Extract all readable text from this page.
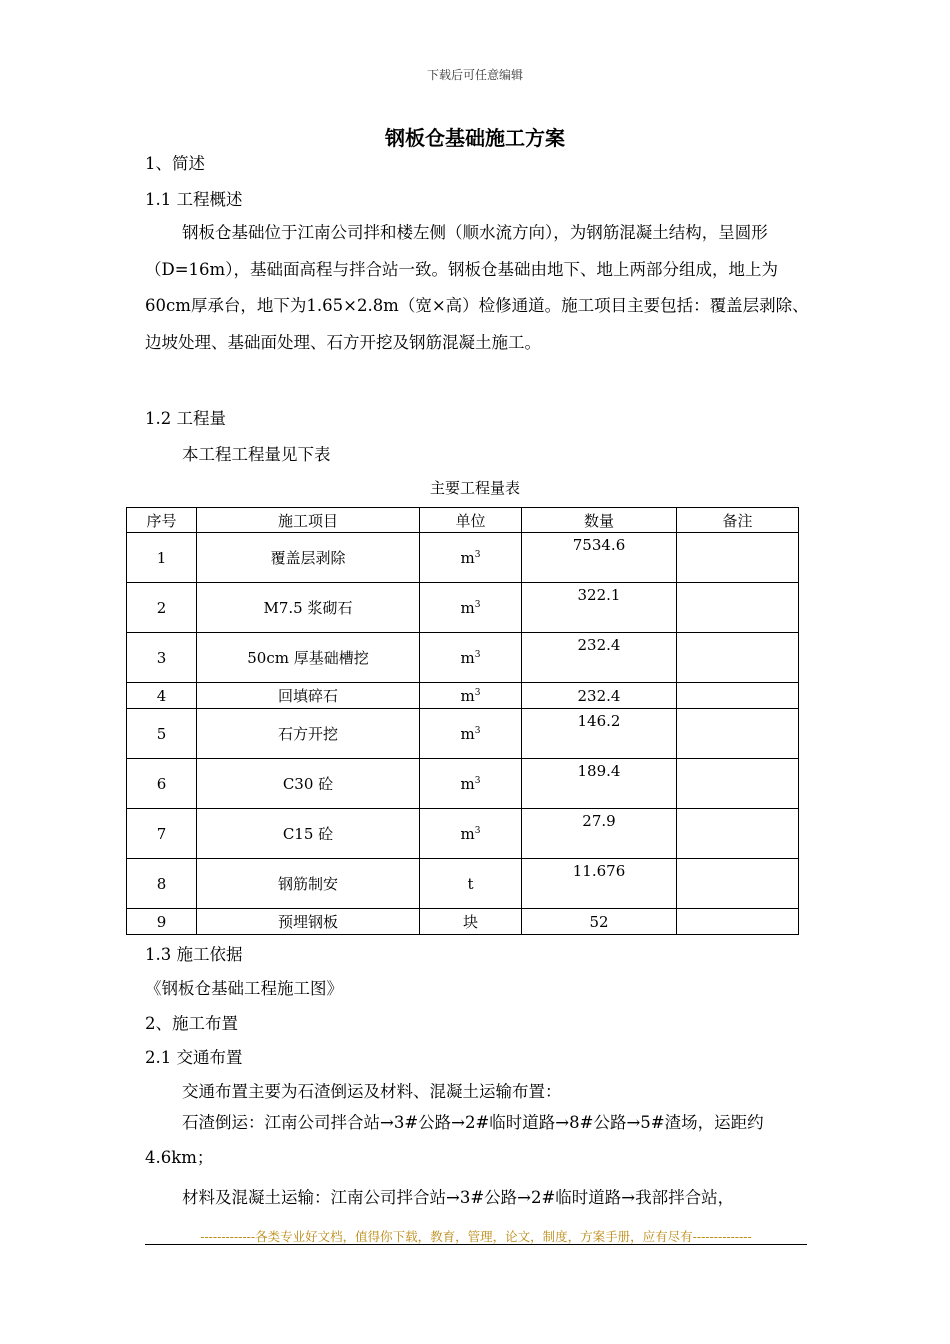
下载后可任意编辑
钢板仓基础施工方案
1、简述
1.1 工程概述
钢板仓基础位于江南公司拌和楼左侧（顺水流方向），为钢筋混凝土结构，呈圆形（D=16m），基础面高程与拌合站一致。钢板仓基础由地下、地上两部分组成，地上为60cm厚承台，地下为1.65×2.8m（宽×高）检修通道。施工项目主要包括：覆盖层剥除、边坡处理、基础面处理、石方开挖及钢筋混凝土施工。
1.2 工程量
本工程工程量见下表
主要工程量表
序号	施工项目	单位	数量	备注
1	覆盖层剥除	$m^3$	7534.6	
2	M7.5 浆砌石	$m^3$	322.1	
3	50cm 厚基础槽挖	$m^3$	232.4	
4	回填碎石	$m^3$	232.4	
5	石方开挖	$m^3$	146.2	
6	C30 砼	$m^3$	189.4	
7	C15 砼	$m^3$	27.9	
8	钢筋制安	t	11.676	
9	预埋钢板	块	52	
1.3 施工依据
《钢板仓基础工程施工图》
2、施工布置
2.1 交通布置
交通布置主要为石渣倒运及材料、混凝土运输布置：
石渣倒运：江南公司拌合站→3#公路→2#临时道路→8#公路→5#渣场，运距约 4.6km；
材料及混凝土运输：江南公司拌合站→3#公路→2#临时道路→我部拌合站，
-------------各类专业好文档，值得你下载，教育，管理，论文，制度，方案手册，应有尽有--------------
